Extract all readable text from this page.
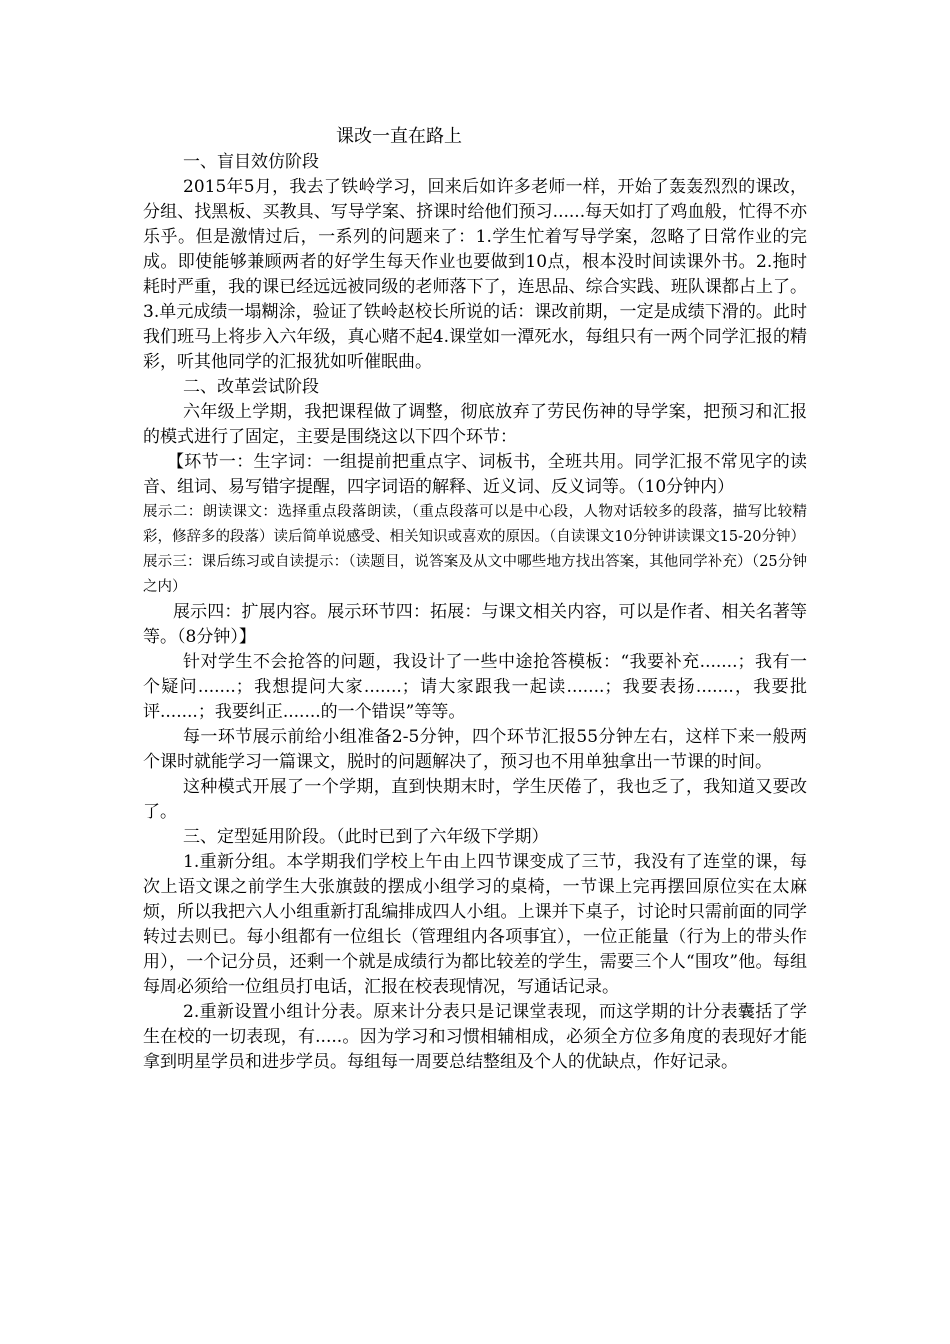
课改一直在路上

一、盲目效仿阶段

2015年5月，我去了铁岭学习，回来后如许多老师一样，开始了轰轰烈烈的课改，分组、找黑板、买教具、写导学案、挤课时给他们预习......每天如打了鸡血般，忙得不亦乐乎。但是激情过后，一系列的问题来了：1.学生忙着写导学案，忽略了日常作业的完成。即使能够兼顾两者的好学生每天作业也要做到10点，根本没时间读课外书。2.拖时耗时严重，我的课已经远远被同级的老师落下了，连思品、综合实践、班队课都占上了。3.单元成绩一塌糊涂，验证了铁岭赵校长所说的话：课改前期，一定是成绩下滑的。此时我们班马上将步入六年级，真心赌不起4.课堂如一潭死水，每组只有一两个同学汇报的精彩，听其他同学的汇报犹如听催眠曲。

二、改革尝试阶段

六年级上学期，我把课程做了调整，彻底放弃了劳民伤神的导学案，把预习和汇报的模式进行了固定，主要是围绕这以下四个环节：

【环节一：生字词：一组提前把重点字、词板书，全班共用。同学汇报不常见字的读音、组词、易写错字提醒，四字词语的解释、近义词、反义词等。（10分钟内）

展示二：朗读课文：选择重点段落朗读，（重点段落可以是中心段，人物对话较多的段落，描写比较精彩，修辞多的段落）读后简单说感受、相关知识或喜欢的原因。（自读课文10分钟讲读课文15-20分钟）

展示三：课后练习或自读提示：（读题目，说答案及从文中哪些地方找出答案，其他同学补充）（25分钟之内）

展示四：扩展内容。展示环节四：拓展：与课文相关内容，可以是作者、相关名著等等。（8分钟）】

针对学生不会抢答的问题，我设计了一些中途抢答模板：“我要补充.......；我有一个疑问.......；我想提问大家.......；请大家跟我一起读.......；我要表扬.......，我要批评.......；我要纠正.......的一个错误”等等。

每一环节展示前给小组准备2-5分钟，四个环节汇报55分钟左右，这样下来一般两个课时就能学习一篇课文，脱时的问题解决了，预习也不用单独拿出一节课的时间。

这种模式开展了一个学期，直到快期末时，学生厌倦了，我也乏了，我知道又要改了。

三、定型延用阶段。（此时已到了六年级下学期）

1.重新分组。本学期我们学校上午由上四节课变成了三节，我没有了连堂的课，每次上语文课之前学生大张旗鼓的摆成小组学习的桌椅，一节课上完再摆回原位实在太麻烦，所以我把六人小组重新打乱编排成四人小组。上课并下桌子，讨论时只需前面的同学转过去则已。每小组都有一位组长（管理组内各项事宜），一位正能量（行为上的带头作用），一个记分员，还剩一个就是成绩行为都比较差的学生，需要三个人“围攻”他。每组每周必须给一位组员打电话，汇报在校表现情况，写通话记录。

2.重新设置小组计分表。原来计分表只是记课堂表现，而这学期的计分表囊括了学生在校的一切表现，有.....。因为学习和习惯相辅相成，必须全方位多角度的表现好才能拿到明星学员和进步学员。每组每一周要总结整组及个人的优缺点，作好记录。
